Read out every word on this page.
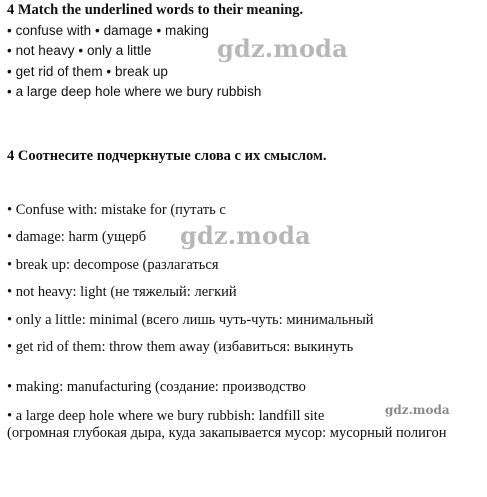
4 Match the underlined words to their meaning.
• confuse with • damage • making
• not heavy • only a little
• get rid of them • break up
• a large deep hole where we bury rubbish
4 Соотнесите подчеркнутые слова с их смыслом.
• Confuse with: mistake for (путать с
• damage: harm (ущерб
• break up: decompose (разлагаться
• not heavy: light (не тяжелый: легкий
• only a little: minimal (всего лишь чуть-чуть: минимальный
• get rid of them: throw them away (избавиться: выкинуть
• making: manufacturing (создание: производство
• a large deep hole where we bury rubbish: landfill site
(огромная глубокая дыра, куда закапывается мусор: мусорный полигон
gdz.moda
gdz.moda
gdz.moda
